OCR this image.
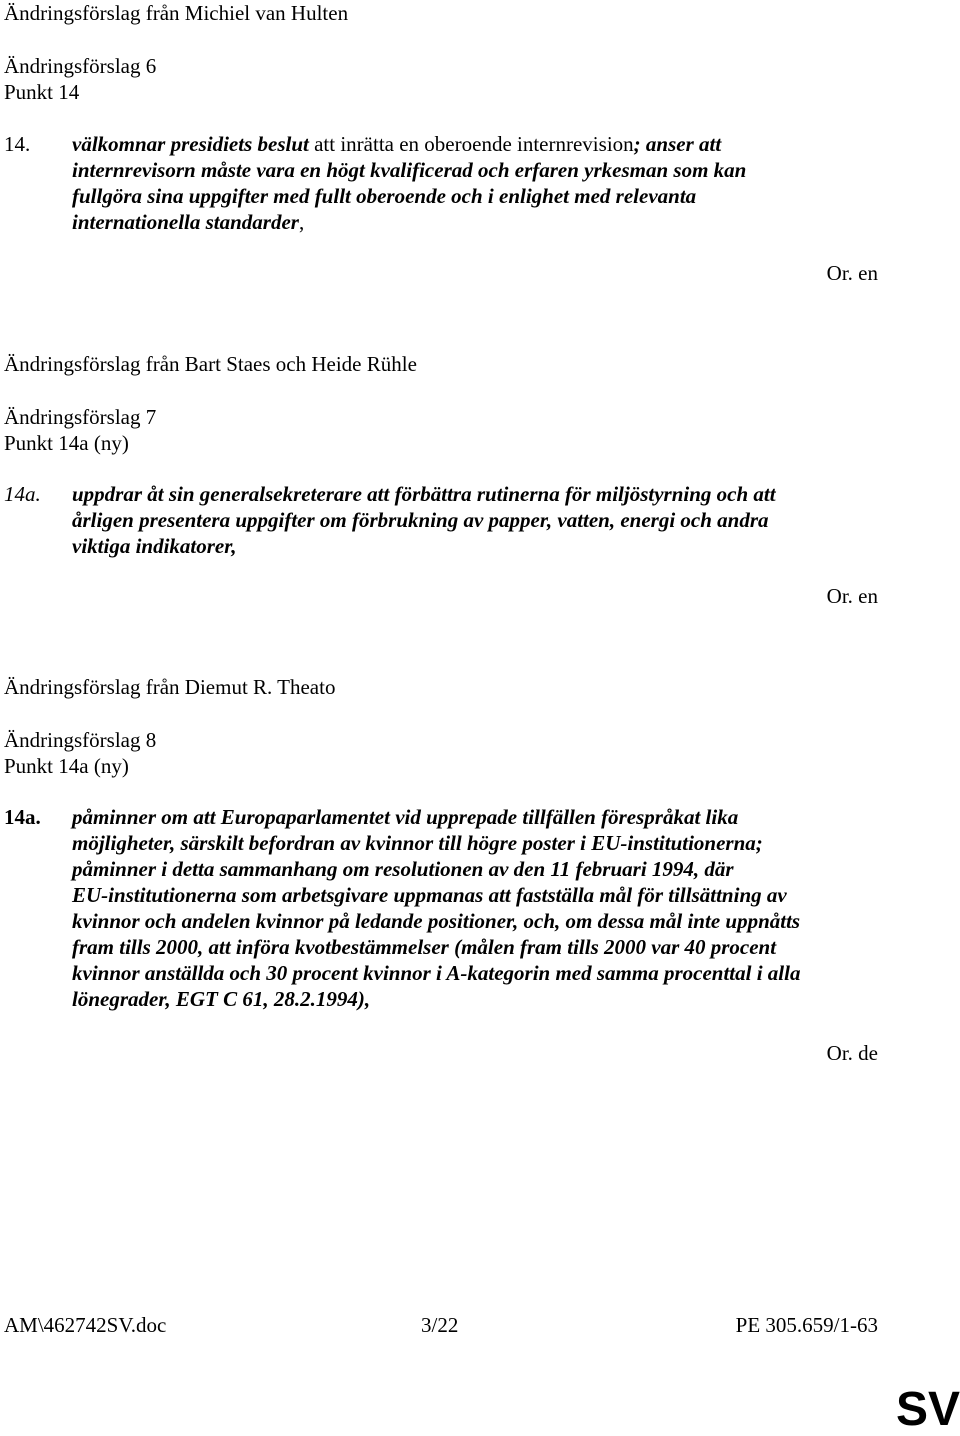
Ändringsförslag från Michiel van Hulten
Ändringsförslag 6
Punkt 14
14. välkomnar presidiets beslut att inrätta en oberoende internrevision; anser att
internrevisorn måste vara en högt kvalificerad och erfaren yrkesman som kan
fullgöra sina uppgifter med fullt oberoende och i enlighet med relevanta
internationella standarder,
Or. en
Ändringsförslag från Bart Staes och Heide Rühle
Ändringsförslag 7
Punkt 14a (ny)
14a. uppdrar åt sin generalsekreterare att förbättra rutinerna för miljöstyrning och att
årligen presentera uppgifter om förbrukning av papper, vatten, energi och andra
viktiga indikatorer,
Or. en
Ändringsförslag från Diemut R. Theato
Ändringsförslag 8
Punkt 14a (ny)
14a. påminner om att Europaparlamentet vid upprepade tillfällen förespråkat lika
möjligheter, särskilt befordran av kvinnor till högre poster i EU-institutionerna;
påminner i detta sammanhang om resolutionen av den 11 februari 1994, där
EU-institutionerna som arbetsgivare uppmanas att fastställa mål för tillsättning av
kvinnor och andelen kvinnor på ledande positioner, och, om dessa mål inte uppnåtts
fram tills 2000, att införa kvotbestämmelser (målen fram tills 2000 var 40 procent
kvinnor anställda och 30 procent kvinnor i A-kategorin med samma procenttal i alla
lönegrader, EGT C 61, 28.2.1994),
Or. de
AM\462742SV.doc	3/22	PE 305.659/1-63
SV
